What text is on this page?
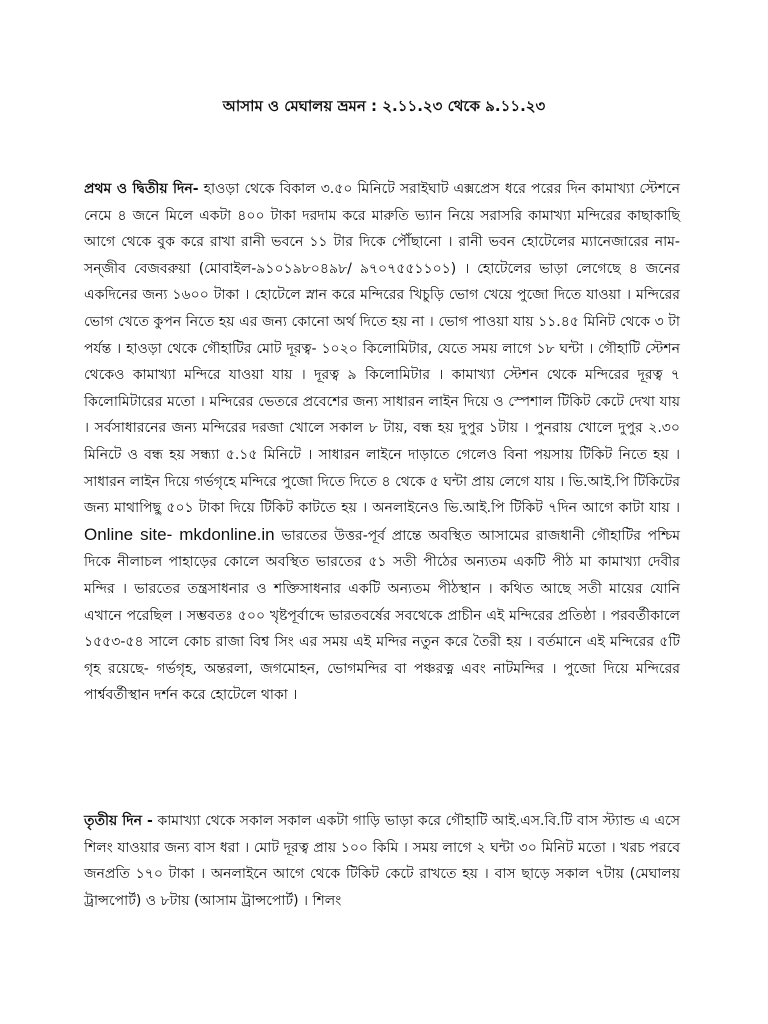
আসাম ও মেঘালয় ভ্রমন : ২.১১.২৩ থেকে ৯.১১.২৩

প্রথম ও দ্বিতীয় দিন- হাওড়া থেকে বিকাল ৩.৫০ মিনিটে সরাইঘাট এক্সপ্রেস ধরে পরের দিন কামাখ্যা স্টেশনে নেমে ৪ জনে মিলে একটা ৪০০ টাকা দরদাম করে মারুতি ভ্যান নিয়ে সরাসরি কামাখ্যা মন্দিরের কাছাকাছি আগে থেকে বুক করে রাখা রানী ভবনে ১১ টার দিকে পৌঁছানো । রানী ভবন হোটেলের ম্যানেজারের নাম- সন্জীব বেজবরুয়া (মোবাইল-৯১০১৯৮০৪৯৮/ ৯৭০৭৫৫১১০১) । হোটেলের ভাড়া লেগেছে ৪ জনের একদিনের জন্য ১৬০০ টাকা । হোটেলে স্নান করে মন্দিরের খিচুড়ি ভোগ খেয়ে পুজো দিতে যাওয়া । মন্দিরের ভোগ খেতে কুপন নিতে হয় এর জন্য কোনো অর্থ দিতে হয় না । ভোগ পাওয়া যায় ১১.৪৫ মিনিট থেকে ৩ টা পর্যন্ত । হাওড়া থেকে গৌহাটির মোট দূরত্ব- ১০২০ কিলোমিটার, যেতে সময় লাগে ১৮ ঘন্টা । গৌহাটি স্টেশন থেকেও কামাখ্যা মন্দিরে যাওয়া যায় । দূরত্ব ৯ কিলোমিটার । কামাখ্যা স্টেশন থেকে মন্দিরের দূরত্ব ৭ কিলোমিটারের মতো । মন্দিরের ভেতরে প্রবেশের জন্য সাধারন লাইন দিয়ে ও স্পেশাল টিকিট কেটে দেখা যায় । সর্বসাধারনের জন্য মন্দিরের দরজা খোলে সকাল ৮ টায়, বন্ধ হয় দুপুর ১টায় । পুনরায় খোলে দুপুর ২.৩০ মিনিটে ও বন্ধ হয় সন্ধ্যা ৫.১৫ মিনিটে । সাধারন লাইনে দাড়াতে গেলেও বিনা পয়সায় টিকিট নিতে হয় । সাধারন লাইন দিয়ে গর্ভগৃহে মন্দিরে পুজো দিতে দিতে ৪ থেকে ৫ ঘন্টা প্রায় লেগে যায় । ভি.আই.পি টিকিটের জন্য মাথাপিছু ৫০১ টাকা দিয়ে টিকিট কাটতে হয় । অনলাইনেও ভি.আই.পি টিকিট ৭দিন আগে কাটা যায় । Online site- mkdonline.in ভারতের উত্তর-পূর্ব প্রান্তে অবস্থিত আসামের রাজধানী গৌহাটির পশ্চিম দিকে নীলাচল পাহাড়ের কোলে অবস্থিত ভারতের ৫১ সতী পীঠের অন্যতম একটি পীঠ মা কামাখ্যা দেবীর মন্দির । ভারতের তন্ত্রসাধনার ও শক্তিসাধনার একটি অন্যতম পীঠস্থান । কথিত আছে সতী মায়ের যোনি এখানে পরেছিল । সম্ভবতঃ ৫০০ খৃষ্টপূর্বাব্দে ভারতবর্ষের সবথেকে প্রাচীন এই মন্দিরের প্রতিষ্ঠা । পরবর্তীকালে ১৫৫৩-৫৪ সালে কোচ রাজা বিশ্ব সিং এর সময় এই মন্দির নতুন করে তৈরী হয় । বর্তমানে এই মন্দিরের ৫টি গৃহ রয়েছে- গর্ভগৃহ, অন্তরলা, জগমোহন, ভোগমন্দির বা পঞ্চরত্ন এবং নাটমন্দির । পুজো দিয়ে মন্দিরের পার্শ্ববর্তীস্থান দর্শন করে হোটেলে থাকা ।

তৃতীয় দিন - কামাখ্যা থেকে সকাল সকাল একটা গাড়ি ভাড়া করে গৌহাটি আই.এস.বি.টি বাস স্ট্যান্ড এ এসে শিলং যাওয়ার জন্য বাস ধরা । মোট দূরত্ব প্রায় ১০০ কিমি । সময় লাগে ২ ঘন্টা ৩০ মিনিট মতো । খরচ পরবে জনপ্রতি ১৭০ টাকা । অনলাইনে আগে থেকে টিকিট কেটে রাখতে হয় । বাস ছাড়ে সকাল ৭টায় (মেঘালয় ট্রান্সপোর্ট) ও ৮টায় (আসাম ট্রান্সপোর্ট) । শিলং
